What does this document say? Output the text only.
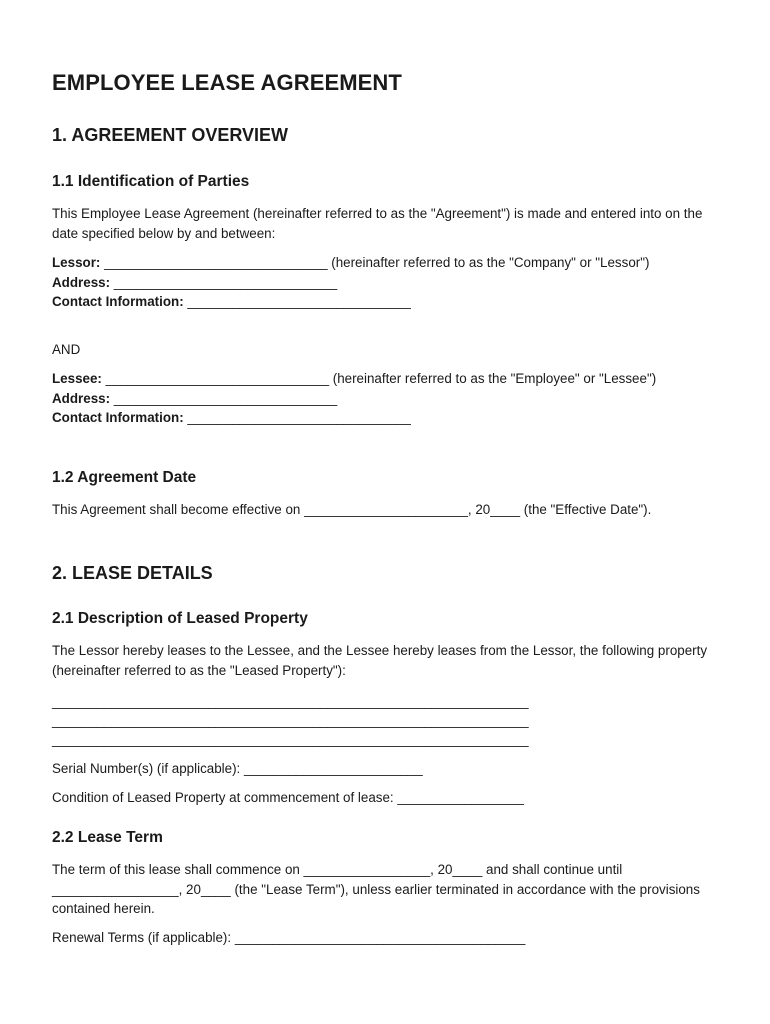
EMPLOYEE LEASE AGREEMENT
1. AGREEMENT OVERVIEW
1.1 Identification of Parties

This Employee Lease Agreement (hereinafter referred to as the "Agreement") is made and entered into on the date specified below by and between:

Lessor: ______________________________ (hereinafter referred to as the "Company" or "Lessor")
Address: ______________________________
Contact Information: ______________________________

AND

Lessee: ______________________________ (hereinafter referred to as the "Employee" or "Lessee")
Address: ______________________________
Contact Information: ______________________________

1.2 Agreement Date

This Agreement shall become effective on ______________________, 20____ (the "Effective Date").

2. LEASE DETAILS
2.1 Description of Leased Property

The Lessor hereby leases to the Lessee, and the Lessee hereby leases from the Lessor, the following property (hereinafter referred to as the "Leased Property"):

________________________________________________________________

________________________________________________________________

________________________________________________________________

Serial Number(s) (if applicable): ________________________

Condition of Leased Property at commencement of lease: _________________

2.2 Lease Term

The term of this lease shall commence on _________________, 20____ and shall continue until _________________, 20____ (the "Lease Term"), unless earlier terminated in accordance with the provisions contained herein.

Renewal Terms (if applicable): _______________________________________
